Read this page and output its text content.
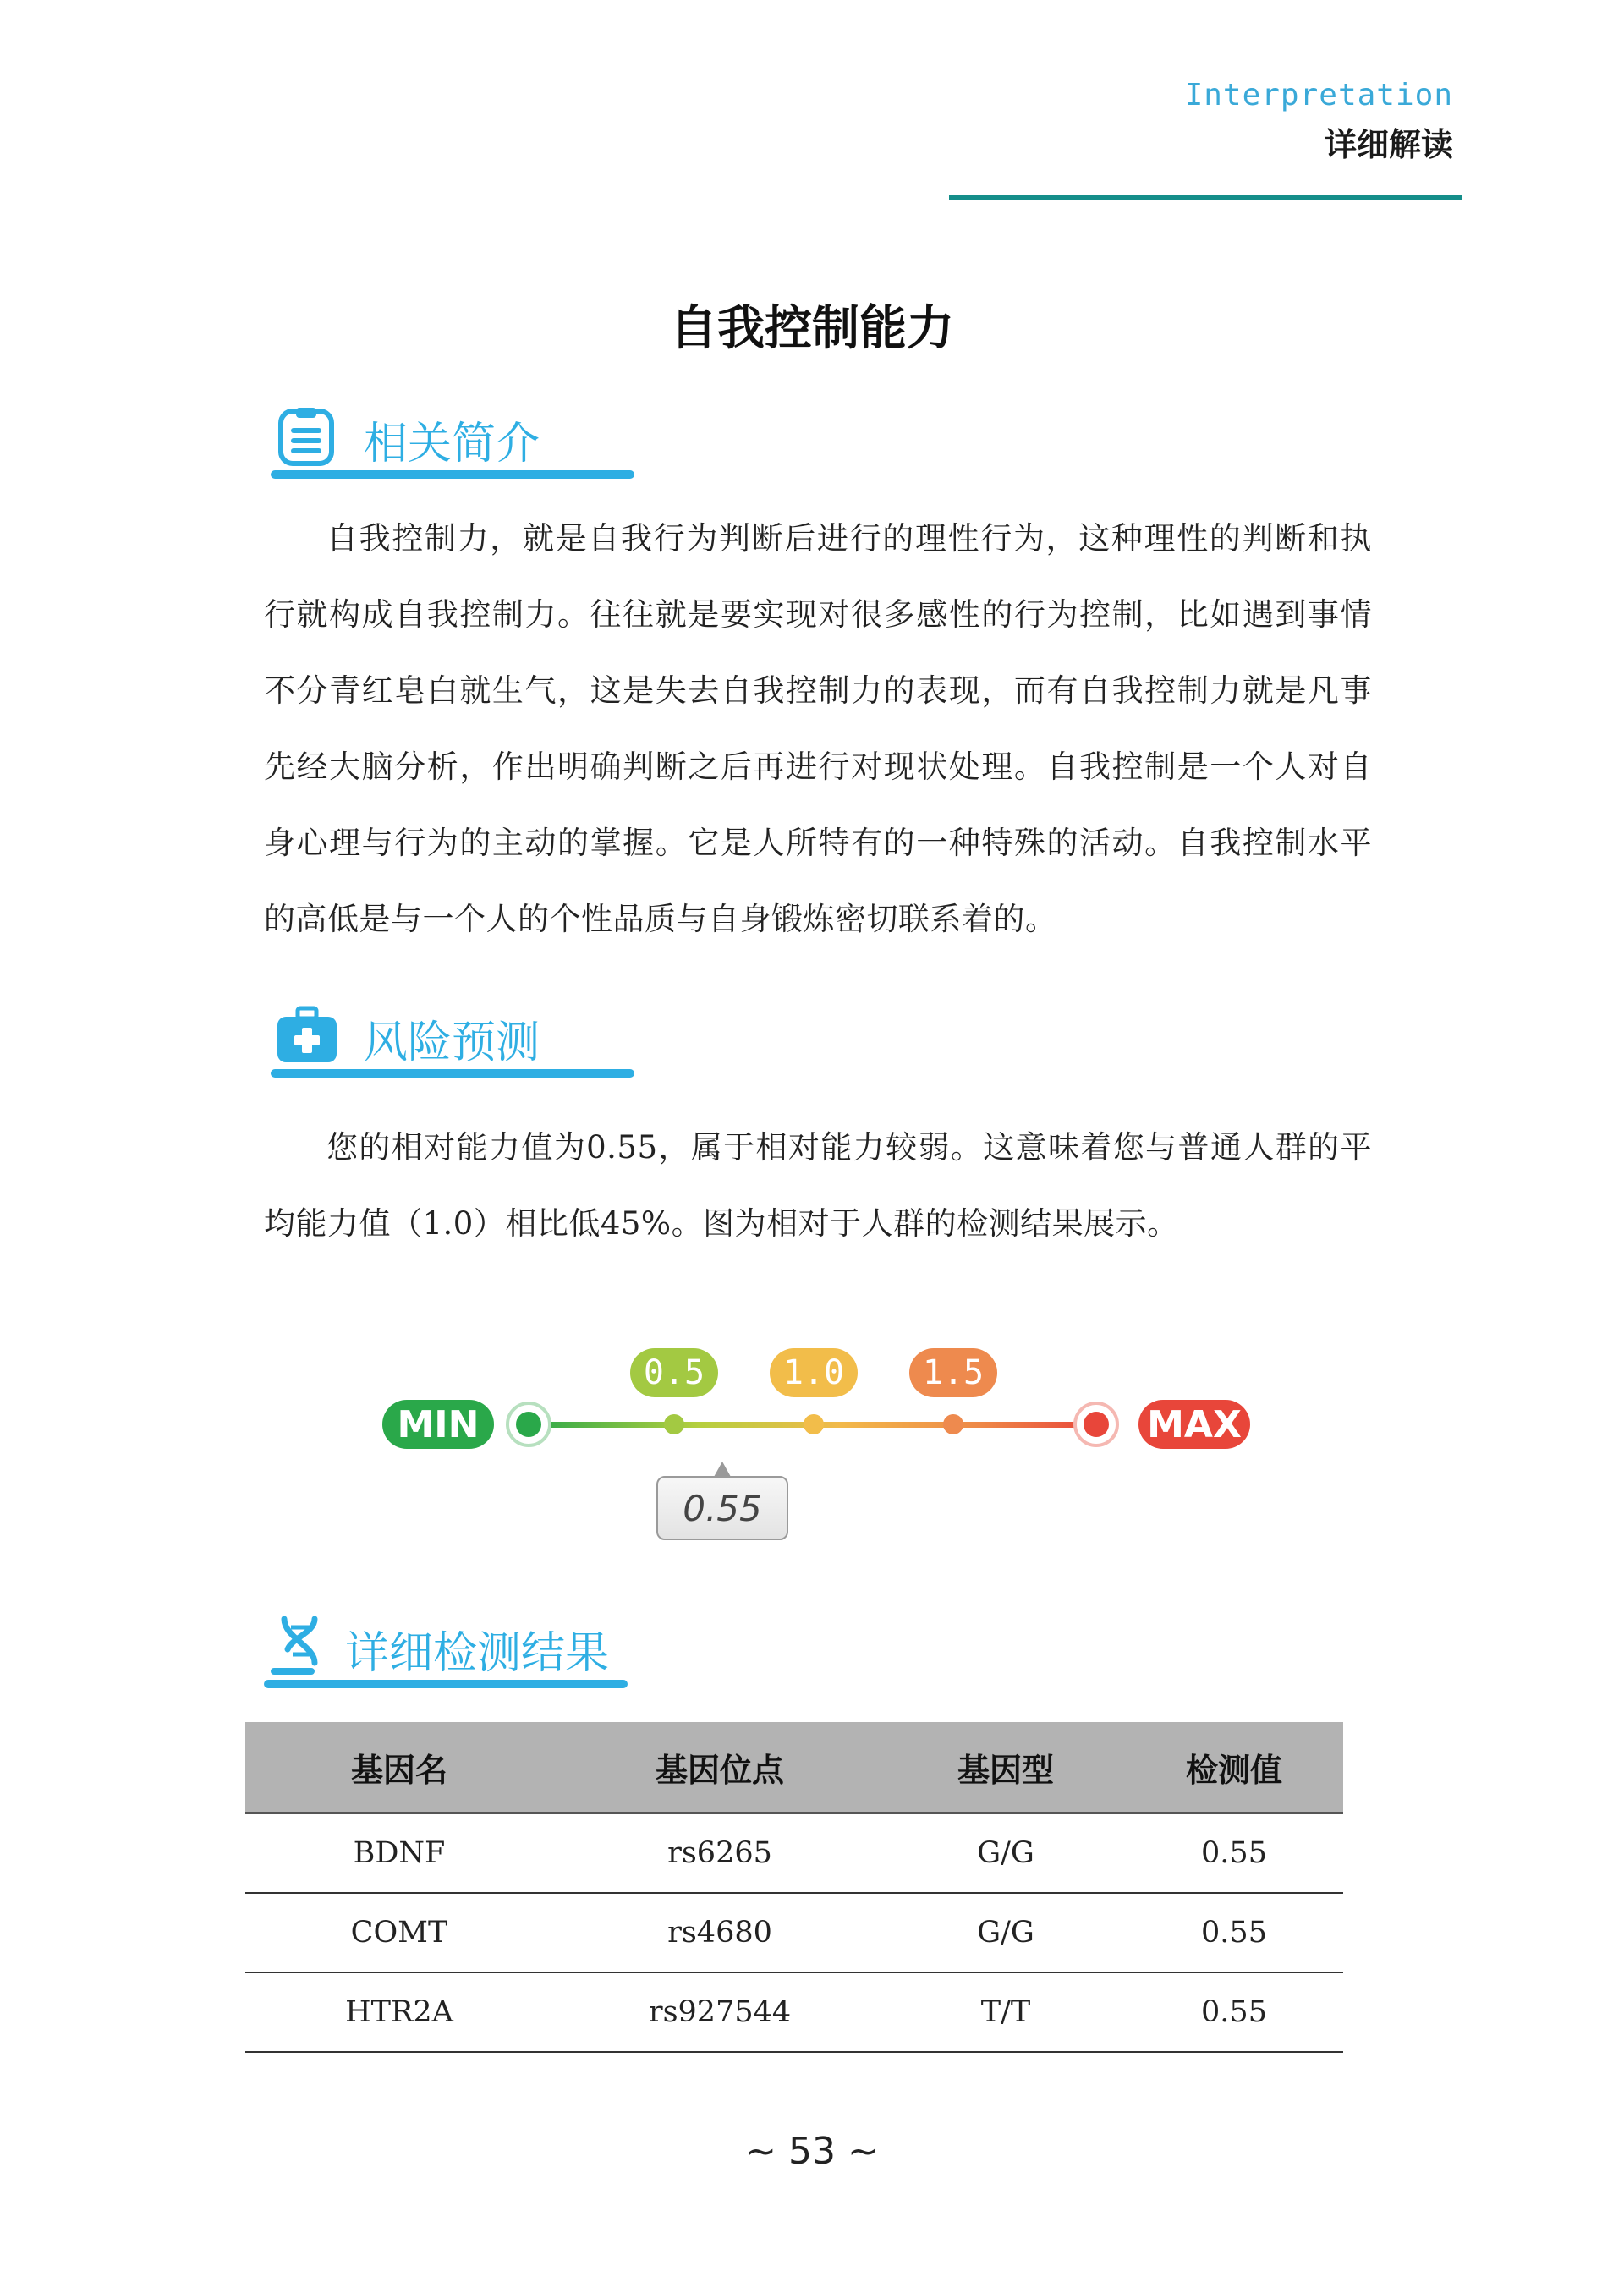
Interpretation
详细解读
自我控制能力
相关简介
自我控制力，就是自我行为判断后进行的理性行为，这种理性的判断和执行就构成自我控制力。往往就是要实现对很多感性的行为控制，比如遇到事情不分青红皂白就生气，这是失去自我控制力的表现，而有自我控制力就是凡事先经大脑分析，作出明确判断之后再进行对现状处理。自我控制是一个人对自身心理与行为的主动的掌握。它是人所特有的一种特殊的活动。自我控制水平的高低是与一个人的个性品质与自身锻炼密切联系着的。
风险预测
您的相对能力值为0.55，属于相对能力较弱。这意味着您与普通人群的平均能力值（1.0）相比低45%。图为相对于人群的检测结果展示。
MIN	MAX
0.5	1.0	1.5
0.55
详细检测结果
基因名	基因位点	基因型	检测值
BDNF	rs6265	G/G	0.55
COMT	rs4680	G/G	0.55
HTR2A	rs927544	T/T	0.55
~ 53 ~
